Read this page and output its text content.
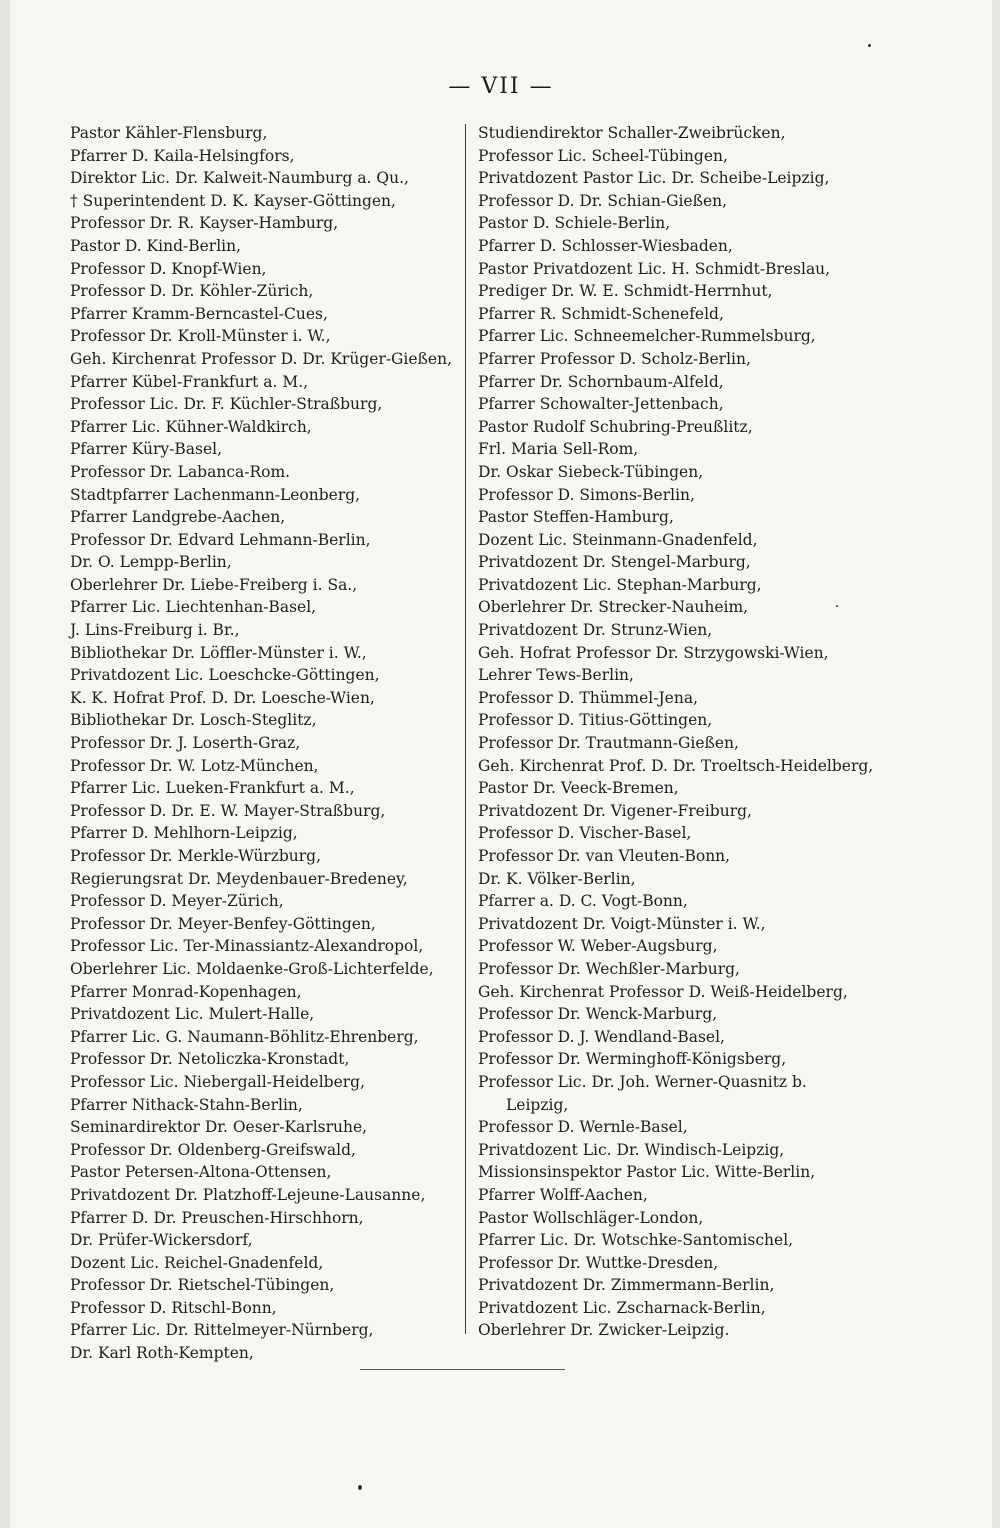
— VII —
Pastor Kähler-Flensburg,
Pfarrer D. Kaila-Helsingfors,
Direktor Lic. Dr. Kalweit-Naumburg a. Qu.,
† Superintendent D. K. Kayser-Göttingen,
Professor Dr. R. Kayser-Hamburg,
Pastor D. Kind-Berlin,
Professor D. Knopf-Wien,
Professor D. Dr. Köhler-Zürich,
Pfarrer Kramm-Berncastel-Cues,
Professor Dr. Kroll-Münster i. W.,
Geh. Kirchenrat Professor D. Dr. Krüger-Gießen,
Pfarrer Kübel-Frankfurt a. M.,
Professor Lic. Dr. F. Küchler-Straßburg,
Pfarrer Lic. Kühner-Waldkirch,
Pfarrer Küry-Basel,
Professor Dr. Labanca-Rom.
Stadtpfarrer Lachenmann-Leonberg,
Pfarrer Landgrebe-Aachen,
Professor Dr. Edvard Lehmann-Berlin,
Dr. O. Lempp-Berlin,
Oberlehrer Dr. Liebe-Freiberg i. Sa.,
Pfarrer Lic. Liechtenhan-Basel,
J. Lins-Freiburg i. Br.,
Bibliothekar Dr. Löffler-Münster i. W.,
Privatdozent Lic. Loeschcke-Göttingen,
K. K. Hofrat Prof. D. Dr. Loesche-Wien,
Bibliothekar Dr. Losch-Steglitz,
Professor Dr. J. Loserth-Graz,
Professor Dr. W. Lotz-München,
Pfarrer Lic. Lueken-Frankfurt a. M.,
Professor D. Dr. E. W. Mayer-Straßburg,
Pfarrer D. Mehlhorn-Leipzig,
Professor Dr. Merkle-Würzburg,
Regierungsrat Dr. Meydenbauer-Bredeney,
Professor D. Meyer-Zürich,
Professor Dr. Meyer-Benfey-Göttingen,
Professor Lic. Ter-Minassiantz-Alexandropol,
Oberlehrer Lic. Moldaenke-Groß-Lichterfelde,
Pfarrer Monrad-Kopenhagen,
Privatdozent Lic. Mulert-Halle,
Pfarrer Lic. G. Naumann-Böhlitz-Ehrenberg,
Professor Dr. Netoliczka-Kronstadt,
Professor Lic. Niebergall-Heidelberg,
Pfarrer Nithack-Stahn-Berlin,
Seminardirektor Dr. Oeser-Karlsruhe,
Professor Dr. Oldenberg-Greifswald,
Pastor Petersen-Altona-Ottensen,
Privatdozent Dr. Platzhoff-Lejeune-Lausanne,
Pfarrer D. Dr. Preuschen-Hirschhorn,
Dr. Prüfer-Wickersdorf,
Dozent Lic. Reichel-Gnadenfeld,
Professor Dr. Rietschel-Tübingen,
Professor D. Ritschl-Bonn,
Pfarrer Lic. Dr. Rittelmeyer-Nürnberg,
Dr. Karl Roth-Kempten,
Studiendirektor Schaller-Zweibrücken,
Professor Lic. Scheel-Tübingen,
Privatdozent Pastor Lic. Dr. Scheibe-Leipzig,
Professor D. Dr. Schian-Gießen,
Pastor D. Schiele-Berlin,
Pfarrer D. Schlosser-Wiesbaden,
Pastor Privatdozent Lic. H. Schmidt-Breslau,
Prediger Dr. W. E. Schmidt-Herrnhut,
Pfarrer R. Schmidt-Schenefeld,
Pfarrer Lic. Schneemelcher-Rummelsburg,
Pfarrer Professor D. Scholz-Berlin,
Pfarrer Dr. Schornbaum-Alfeld,
Pfarrer Schowalter-Jettenbach,
Pastor Rudolf Schubring-Preußlitz,
Frl. Maria Sell-Rom,
Dr. Oskar Siebeck-Tübingen,
Professor D. Simons-Berlin,
Pastor Steffen-Hamburg,
Dozent Lic. Steinmann-Gnadenfeld,
Privatdozent Dr. Stengel-Marburg,
Privatdozent Lic. Stephan-Marburg,
Oberlehrer Dr. Strecker-Nauheim,
Privatdozent Dr. Strunz-Wien,
Geh. Hofrat Professor Dr. Strzygowski-Wien,
Lehrer Tews-Berlin,
Professor D. Thümmel-Jena,
Professor D. Titius-Göttingen,
Professor Dr. Trautmann-Gießen,
Geh. Kirchenrat Prof. D. Dr. Troeltsch-Heidelberg,
Pastor Dr. Veeck-Bremen,
Privatdozent Dr. Vigener-Freiburg,
Professor D. Vischer-Basel,
Professor Dr. van Vleuten-Bonn,
Dr. K. Völker-Berlin,
Pfarrer a. D. C. Vogt-Bonn,
Privatdozent Dr. Voigt-Münster i. W.,
Professor W. Weber-Augsburg,
Professor Dr. Wechßler-Marburg,
Geh. Kirchenrat Professor D. Weiß-Heidelberg,
Professor Dr. Wenck-Marburg,
Professor D. J. Wendland-Basel,
Professor Dr. Werminghoff-Königsberg,
Professor Lic. Dr. Joh. Werner-Quasnitz b.
Leipzig,
Professor D. Wernle-Basel,
Privatdozent Lic. Dr. Windisch-Leipzig,
Missionsinspektor Pastor Lic. Witte-Berlin,
Pfarrer Wolff-Aachen,
Pastor Wollschläger-London,
Pfarrer Lic. Dr. Wotschke-Santomischel,
Professor Dr. Wuttke-Dresden,
Privatdozent Dr. Zimmermann-Berlin,
Privatdozent Lic. Zscharnack-Berlin,
Oberlehrer Dr. Zwicker-Leipzig.
